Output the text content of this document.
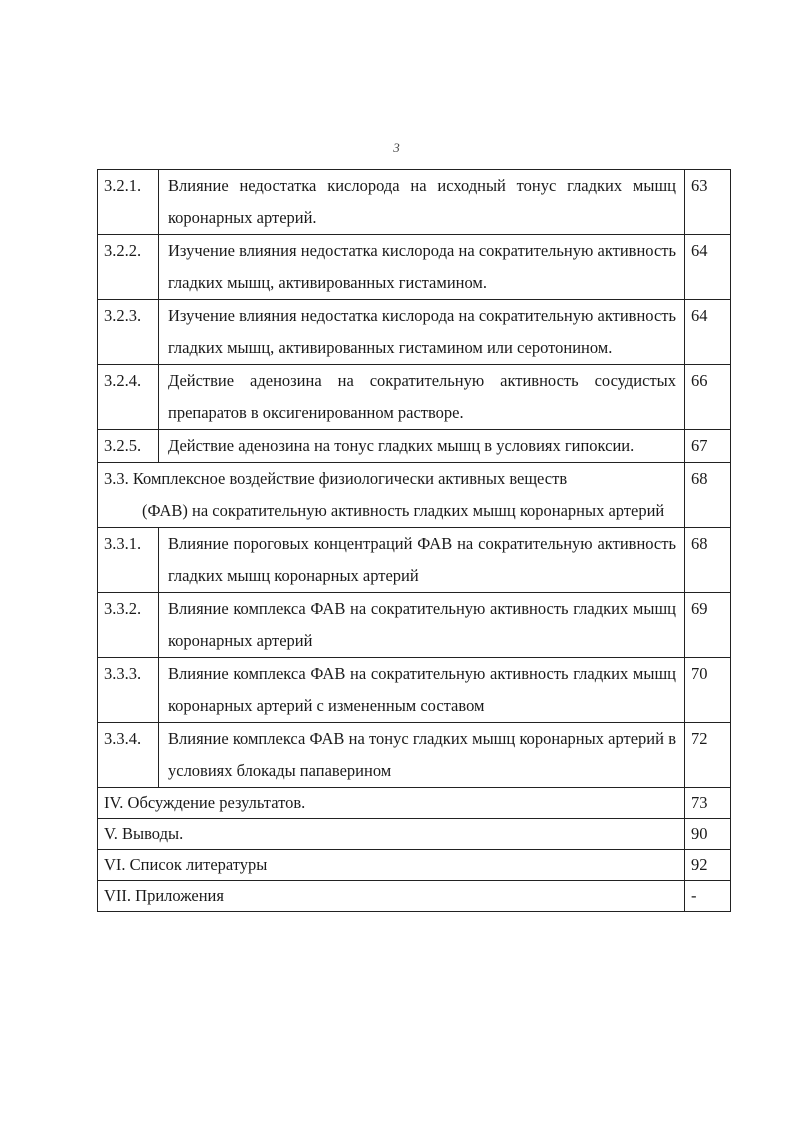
3
3.2.1.	Влияние недостатка кислорода на исходный тонус гладких мышц коронарных артерий.	63
3.2.2.	Изучение влияния недостатка кислорода на сократительную активность гладких мышц, активированных гистамином.	64
3.2.3.	Изучение влияния недостатка кислорода на сократительную активность гладких мышц, активированных гистамином или серотонином.	64
3.2.4.	Действие аденозина на сократительную активность сосудистых препаратов в оксигенированном растворе.	66
3.2.5.	Действие аденозина на тонус гладких мышц в условиях гипоксии.	67

3.3. Комплексное воздействие физиологически активных веществ
(ФАВ) на сократительную активность гладких мышц коронарных артерий		68
3.3.1.	Влияние пороговых концентраций ФАВ на сократительную активность гладких мышц коронарных артерий	68
3.3.2.	Влияние комплекса ФАВ на сократительную активность гладких мышц коронарных артерий	69
3.3.3.	Влияние комплекса ФАВ на сократительную активность гладких мышц коронарных артерий с измененным составом	70
3.3.4.	Влияние комплекса ФАВ на тонус гладких мышц коронарных артерий в условиях блокады папаверином	72
IV. Обсуждение результатов.		73
V. Выводы.		90
VI. Список литературы		92
VII. Приложения		-
